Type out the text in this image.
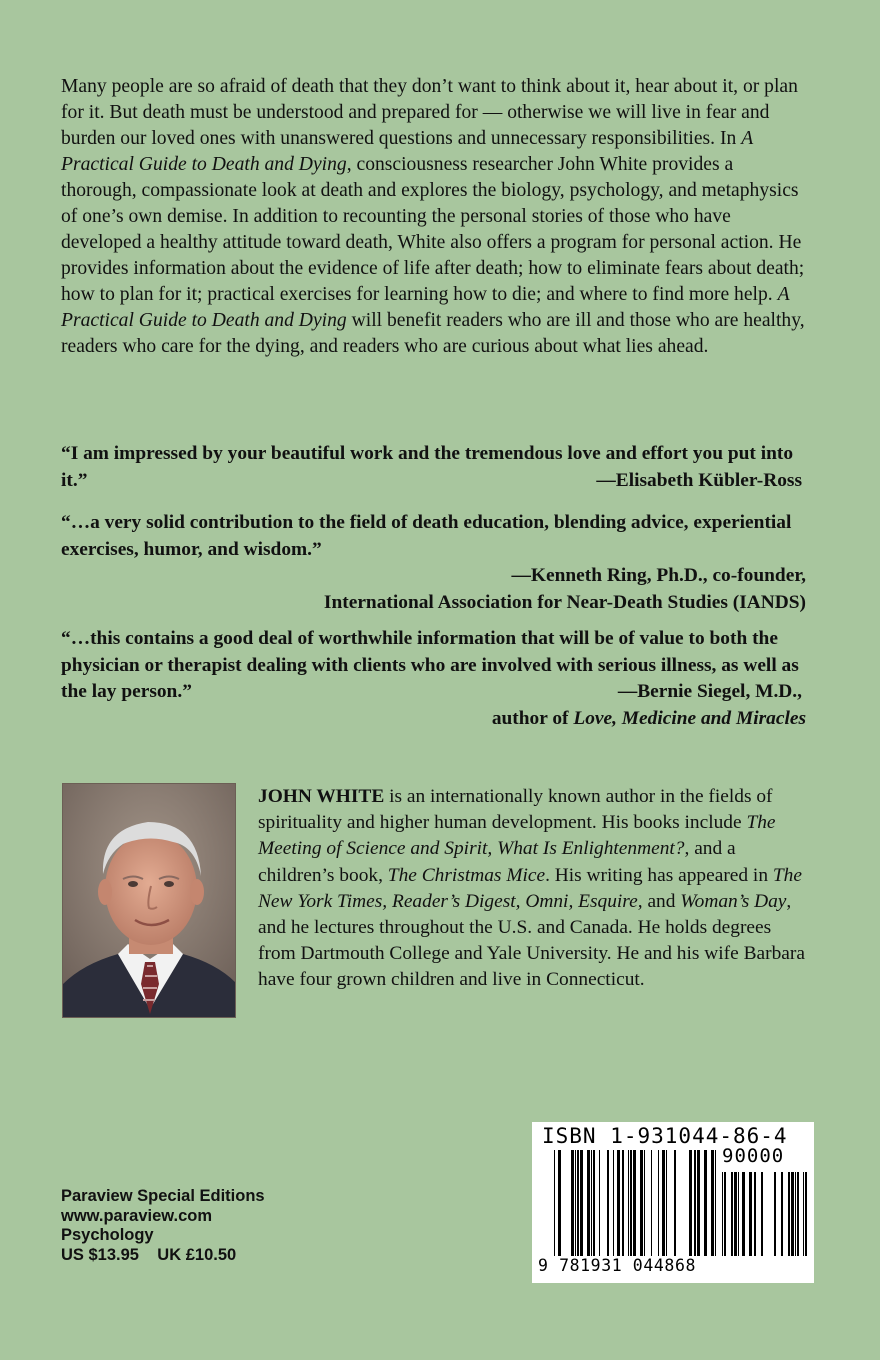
Many people are so afraid of death that they don’t want to think about it, hear about it, or plan for it. But death must be understood and prepared for — otherwise we will live in fear and burden our loved ones with unanswered questions and unnecessary responsibilities. In A Practical Guide to Death and Dying, consciousness researcher John White provides a thorough, compassionate look at death and explores the biology, psychology, and metaphysics of one’s own demise. In addition to recounting the personal stories of those who have developed a healthy attitude toward death, White also offers a program for personal action. He provides information about the evidence of life after death; how to eliminate fears about death; how to plan for it; practical exercises for learning how to die; and where to find more help. A Practical Guide to Death and Dying will benefit readers who are ill and those who are healthy, readers who care for the dying, and readers who are curious about what lies ahead.

“I am impressed by your beautiful work and the tremendous love and effort you put into it.”	—Elisabeth Kübler-Ross

“…a very solid contribution to the field of death education, blending advice, experiential exercises, humor, and wisdom.”

—Kenneth Ring, Ph.D., co-founder,
International Association for Near-Death Studies (IANDS)

“…this contains a good deal of worthwhile information that will be of value to both the physician or therapist dealing with clients who are involved with serious illness, as well as the lay person.”	—Bernie Siegel, M.D.,
author of Love, Medicine and Miracles

JOHN WHITE is an internationally known author in the fields of spirituality and higher human development. His books include The Meeting of Science and Spirit, What Is Enlightenment?, and a children’s book, The Christmas Mice. His writing has appeared in The New York Times, Reader’s Digest, Omni, Esquire, and Woman’s Day, and he lectures throughout the U.S. and Canada. He holds degrees from Dartmouth College and Yale University. He and his wife Barbara have four grown children and live in Connecticut.

Paraview Special Editions
www.paraview.com
Psychology
US $13.95    UK £10.50
ISBN 1-931044-86-4
90000
9 781931 044868
